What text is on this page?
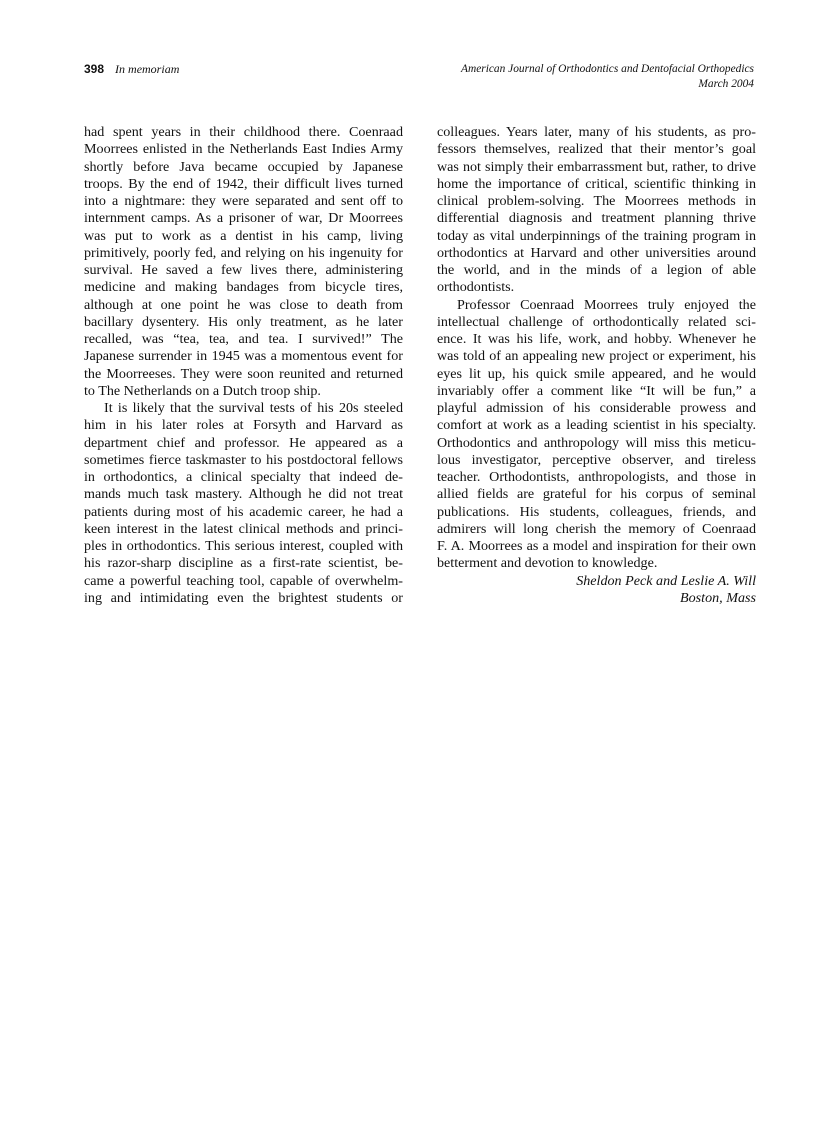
398 In memoriam	American Journal of Orthodontics and Dentofacial Orthopedics
March 2004
had spent years in their childhood there. Coenraad
Moorrees enlisted in the Netherlands East Indies Army
shortly before Java became occupied by Japanese
troops. By the end of 1942, their difficult lives turned
into a nightmare: they were separated and sent off to
internment camps. As a prisoner of war, Dr Moorrees
was put to work as a dentist in his camp, living
primitively, poorly fed, and relying on his ingenuity for
survival. He saved a few lives there, administering
medicine and making bandages from bicycle tires,
although at one point he was close to death from
bacillary dysentery. His only treatment, as he later
recalled, was “tea, tea, and tea. I survived!” The
Japanese surrender in 1945 was a momentous event for
the Moorreeses. They were soon reunited and returned
to The Netherlands on a Dutch troop ship.
It is likely that the survival tests of his 20s steeled
him in his later roles at Forsyth and Harvard as
department chief and professor. He appeared as a
sometimes fierce taskmaster to his postdoctoral fellows
in orthodontics, a clinical specialty that indeed de-
mands much task mastery. Although he did not treat
patients during most of his academic career, he had a
keen interest in the latest clinical methods and princi-
ples in orthodontics. This serious interest, coupled with
his razor-sharp discipline as a first-rate scientist, be-
came a powerful teaching tool, capable of overwhelm-
ing and intimidating even the brightest students or
colleagues. Years later, many of his students, as pro-
fessors themselves, realized that their mentor’s goal
was not simply their embarrassment but, rather, to drive
home the importance of critical, scientific thinking in
clinical problem-solving. The Moorrees methods in
differential diagnosis and treatment planning thrive
today as vital underpinnings of the training program in
orthodontics at Harvard and other universities around
the world, and in the minds of a legion of able
orthodontists.
Professor Coenraad Moorrees truly enjoyed the
intellectual challenge of orthodontically related sci-
ence. It was his life, work, and hobby. Whenever he
was told of an appealing new project or experiment, his
eyes lit up, his quick smile appeared, and he would
invariably offer a comment like “It will be fun,” a
playful admission of his considerable prowess and
comfort at work as a leading scientist in his specialty.
Orthodontics and anthropology will miss this meticu-
lous investigator, perceptive observer, and tireless
teacher. Orthodontists, anthropologists, and those in
allied fields are grateful for his corpus of seminal
publications. His students, colleagues, friends, and
admirers will long cherish the memory of Coenraad
F. A. Moorrees as a model and inspiration for their own
betterment and devotion to knowledge.
Sheldon Peck and Leslie A. Will
Boston, Mass
